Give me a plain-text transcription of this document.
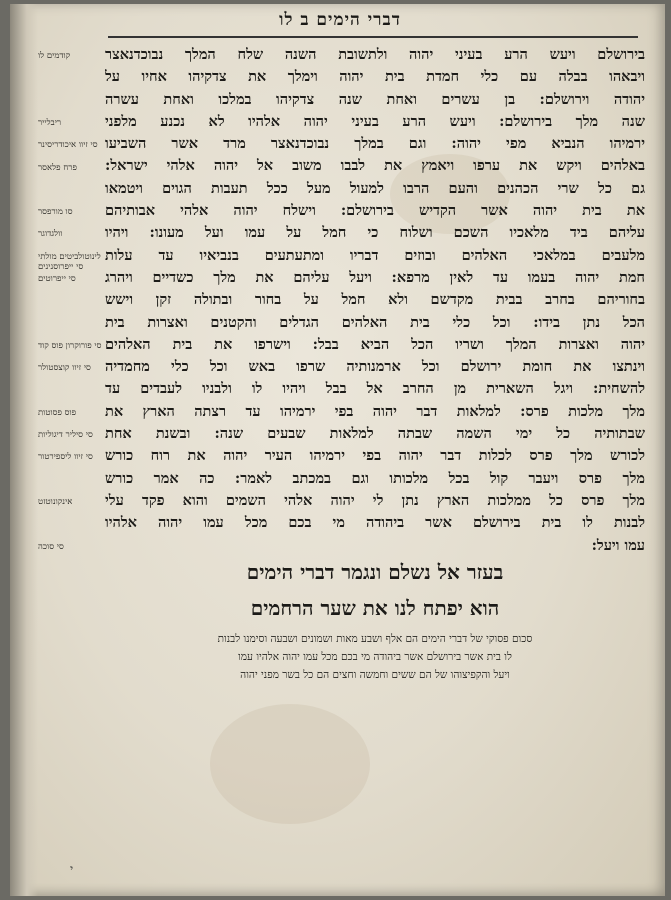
דברי הימים ב לו
בירושלם ויעש הרע בעיני יהוה ולתשובת השנה שלח המלך נבוכדנאצר
ויבאהו בבלה עם כלי חמדת בית יהוה וימלך את צדקיהו אחיו על
יהודה וירושלם: בן עשרים ואחת שנה צדקיהו במלכו ואחת עשרה
שנה מלך בירושלם: ויעש הרע בעיני יהוה אלהיו לא נכנע מלפני
ירמיהו הנביא מפי יהוה: וגם במלך נבוכדנאצר מרד אשר השביעו
באלהים ויקש את ערפו ויאמץ את לבבו משוב אל יהוה אלהי ישראל:
גם כל שרי הכהנים והעם הרבו למעול מעל ככל תעבות הגוים ויטמאו
את בית יהוה אשר הקדיש בירושלם: וישלח יהוה אלהי אבותיהם
עליהם ביד מלאכיו השכם ושלוח כי חמל על עמו ועל מעונו: ויהיו
מלעבים במלאכי האלהים ובוזים דבריו ומתעתעים בנביאיו עד עלות
חמת יהוה בעמו עד לאין מרפא: ויעל עליהם את מלך כשדיים ויהרג
בחוריהם בחרב בבית מקדשם ולא חמל על בחור ובתולה זקן וישש
הכל נתן בידו: וכל כלי בית האלהים הגדלים והקטנים ואצרות בית
יהוה ואצרות המלך ושריו הכל הביא בבל: וישרפו את בית האלהים
וינתצו את חומת ירושלם וכל ארמנותיה שרפו באש וכל כלי מחמדיה
להשחית: ויגל השארית מן החרב אל בבל ויהיו לו ולבניו לעבדים עד
מלך מלכות פרס: למלאות דבר יהוה בפי ירמיהו עד רצתה הארץ את
שבתותיה כל ימי השמה שבתה למלאות שבעים שנה: ובשנת אחת
לכורש מלך פרס לכלות דבר יהוה בפי ירמיהו העיר יהוה את רוח כורש
מלך פרס ויעבר קול בכל מלכותו וגם במכתב לאמר: כה אמר כורש
מלך פרס כל ממלכות הארץ נתן לי יהוה אלהי השמים והוא פקד עלי
לבנות לו בית בירושלם אשר ביהודה מי בכם מכל עמו יהוה אלהיו
עמו ויעל:
קודמים לו
ריבלייר
סי זיוו איכודריסינר
פרח פלאסר
סו מורפסר
וולגדוגר
לינוטולביטים מולתי
סי ייפרוסנינים
סי ייפרוטים
סי פורוקרון פוס קוד
סי זיוו קוצסטולר
פוס פסוטות
סי סיליר דיגוליות
סי זיוו ליספירטור
אינקונוטזט
סי סוכה
בעזר אל נשלם ונגמר דברי הימים
הוא יפתח לנו את שער הרחמים
סכום פסוקי של דברי הימים הם אלף ושבע מאות ושמונים ושבעה וסימנו לבנות
לו בית אשר בירושלם אשר ביהודה מי בכם מכל עמו יהוה אלהיו עמו
ויעל והקפיצוהו של הם ששים וחמשה וחצים הם כל בשר מפני יהוה
י
